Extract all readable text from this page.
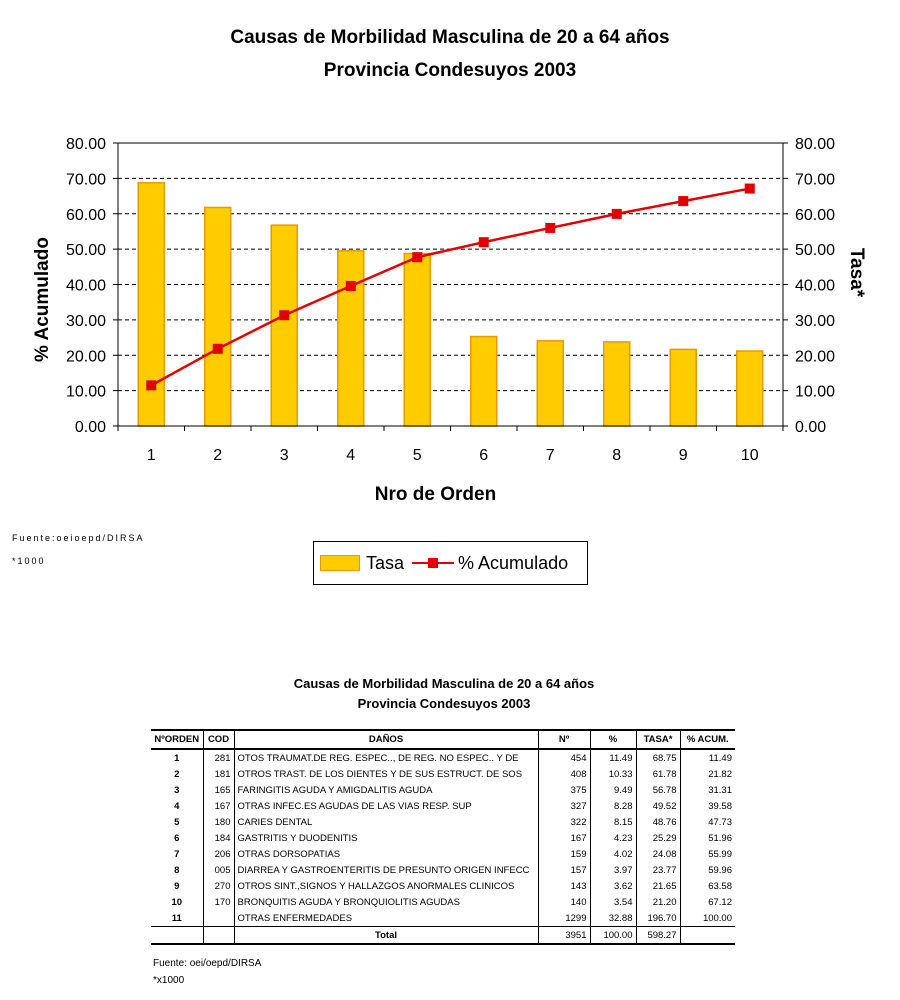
Causas de Morbilidad Masculina de 20 a 64 años
Provincia Condesuyos 2003
0.00	0.00
10.00	10.00
20.00	20.00
30.00	30.00
40.00	40.00
50.00	50.00
60.00	60.00
70.00	70.00
80.00	80.00
1	2	3	4	5	6	7	8	9	10
Nro de Orden
% Acumulado	Tasa*
Fuente:oeioepd/DIRSA
*1000	Tasa	% Acumulado
Causas de Morbilidad Masculina de 20 a 64 años
Provincia Condesuyos 2003
NºORDEN	COD	DAÑOS	Nº	%	TASA*	% ACUM.
1	281	OTOS TRAUMAT.DE REG. ESPEC.., DE REG. NO ESPEC.. Y DE	454	11.49	68.75	11.49
2	181	OTROS TRAST. DE LOS DIENTES Y DE SUS ESTRUCT. DE SOS	408	10.33	61.78	21.82
3	165	FARINGITIS AGUDA Y AMIGDALITIS AGUDA	375	9.49	56.78	31.31
4	167	OTRAS INFEC.ES AGUDAS DE LAS VIAS RESP. SUP	327	8.28	49.52	39.58
5	180	CARIES DENTAL	322	8.15	48.76	47.73
6	184	GASTRITIS Y DUODENITIS	167	4.23	25.29	51.96
7	206	OTRAS DORSOPATIAS	159	4.02	24.08	55.99
8	005	DIARREA Y GASTROENTERITIS DE PRESUNTO ORIGEN INFECC	157	3.97	23.77	59.96
9	270	OTROS SINT.,SIGNOS Y HALLAZGOS ANORMALES CLINICOS	143	3.62	21.65	63.58
10	170	BRONQUITIS AGUDA Y BRONQUIOLITIS AGUDAS	140	3.54	21.20	67.12
11		OTRAS ENFERMEDADES	1299	32.88	196.70	100.00
		Total	3951	100.00	598.27	
Fuente: oei/oepd/DIRSA
*x1000
